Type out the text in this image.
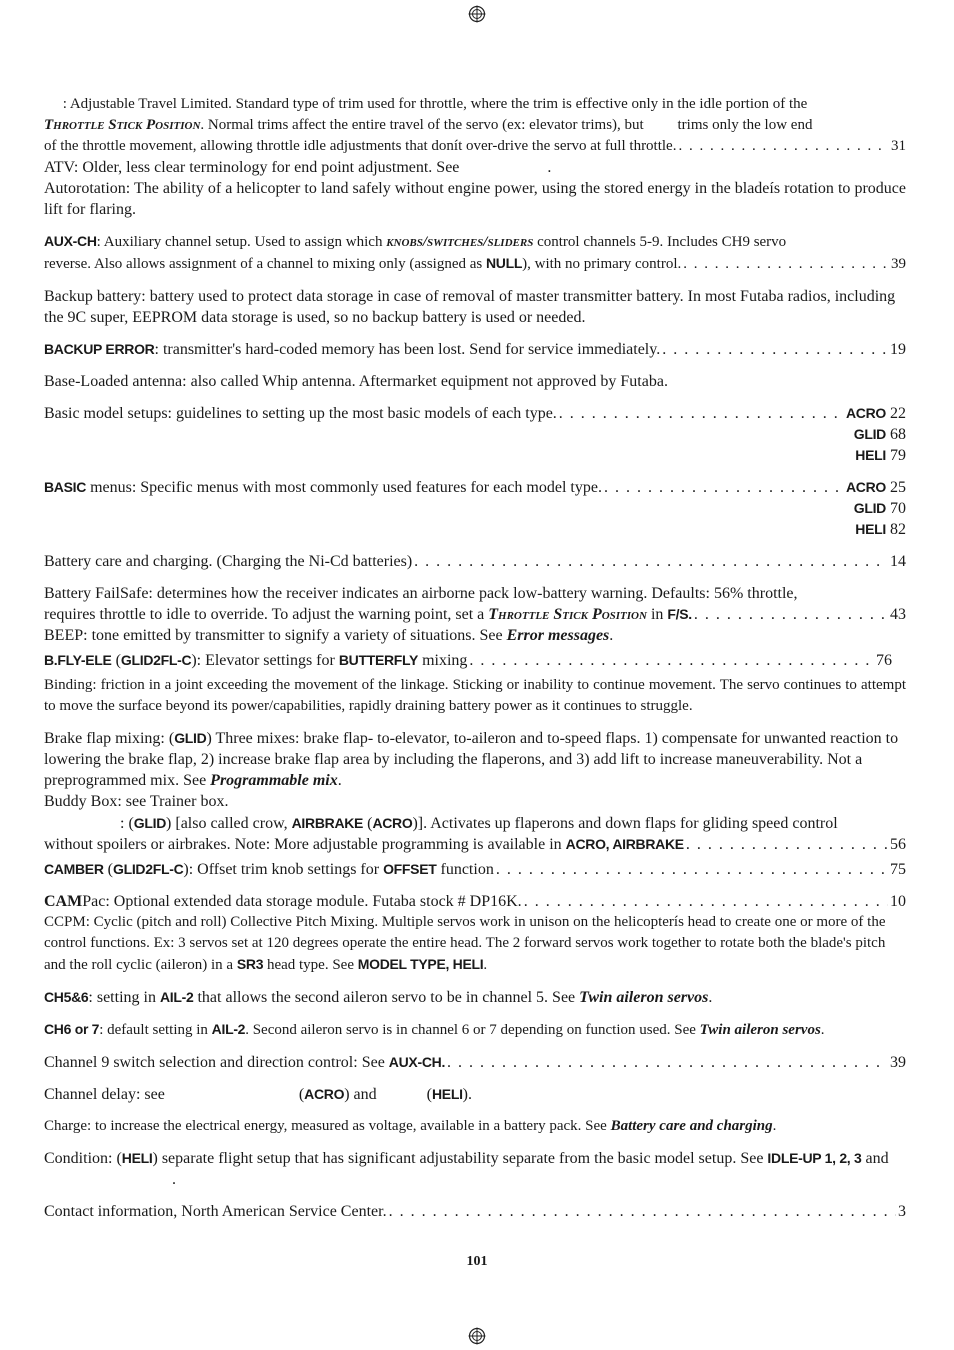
: Adjustable Travel Limited. Standard type of trim used for throttle, where the trim is effective only in the idle portion of the
Throttle Stick Position. Normal trims affect the entire travel of the servo (ex: elevator trims), but         trims only the low end
of the throttle movement, allowing throttle idle adjustments that donít over-drive the servo at full throttle. . . .	31
ATV: Older, less clear terminology for end point adjustment. See	.
Autorotation: The ability of a helicopter to land safely without engine power, using the stored energy in the bladeís rotation to produce lift for flaring.
AUX-CH: Auxiliary channel setup. Used to assign which knobs/switches/sliders control channels 5-9. Includes CH9 servo
reverse. Also allows assignment of a channel to mixing only (assigned as NULL), with no primary control. . . .	39
Backup battery: battery used to protect data storage in case of removal of master transmitter battery. In most Futaba radios, including the 9C super, EEPROM data storage is used, so no backup battery is used or needed.
BACKUP ERROR: transmitter's hard-coded memory has been lost. Send for service immediately. . . .	19
Base-Loaded antenna: also called Whip antenna. Aftermarket equipment not approved by Futaba.
Basic model setups: guidelines to setting up the most basic models of each type. . . .	ACRO 22
GLID 68
HELI 79
BASIC menus: Specific menus with most commonly used features for each model type. . . .	ACRO 25
GLID 70
HELI 82
Battery care and charging. (Charging the Ni-Cd batteries) . . .	14
Battery FailSafe: determines how the receiver indicates an airborne pack low-battery warning. Defaults: 56% throttle,
requires throttle to idle to override. To adjust the warning point, set a Throttle Stick Position in F/S. . . .	43
BEEP: tone emitted by transmitter to signify a variety of situations. See Error messages.
B.FLY-ELE (GLID2FL-C): Elevator settings for BUTTERFLY mixing . . .	76
Binding: friction in a joint exceeding the movement of the linkage. Sticking or inability to continue movement. The servo continues to attempt to move the surface beyond its power/capabilities, rapidly draining battery power as it continues to struggle.
Brake flap mixing: (GLID) Three mixes: brake flap- to-elevator, to-aileron and to-speed flaps. 1) compensate for unwanted reaction to lowering the brake flap, 2) increase brake flap area by including the flaperons, and 3) add lift to increase maneuverability. Not a preprogrammed mix. See Programmable mix.
Buddy Box: see Trainer box.
: (GLID) [also called crow, AIRBRAKE (ACRO)]. Activates up flaperons and down flaps for gliding speed control
without spoilers or airbrakes. Note: More adjustable programming is available in ACRO, AIRBRAKE . . .	56
CAMBER (GLID2FL-C): Offset trim knob settings for OFFSET function . . .	75
CAMPac: Optional extended data storage module. Futaba stock # DP16K. . . .	10
CCPM: Cyclic (pitch and roll) Collective Pitch Mixing. Multiple servos work in unison on the helicopterís head to create one or more of the control functions. Ex: 3 servos set at 120 degrees operate the entire head. The 2 forward servos work together to rotate both the blade's pitch and the roll cyclic (aileron) in a SR3 head type. See MODEL TYPE, HELI.
CH5&6: setting in AIL-2 that allows the second aileron servo to be in channel 5. See Twin aileron servos.
CH6 or 7: default setting in AIL-2. Second aileron servo is in channel 6 or 7 depending on function used. See Twin aileron servos.
Channel 9 switch selection and direction control: See AUX-CH. . . .	39
Channel delay: see	(ACRO) and	(HELI).
Charge: to increase the electrical energy, measured as voltage, available in a battery pack. See Battery care and charging.
Condition: (HELI) separate flight setup that has significant adjustability separate from the basic model setup. See IDLE-UP 1, 2, 3 and.
Contact information, North American Service Center. . . .	3
101
